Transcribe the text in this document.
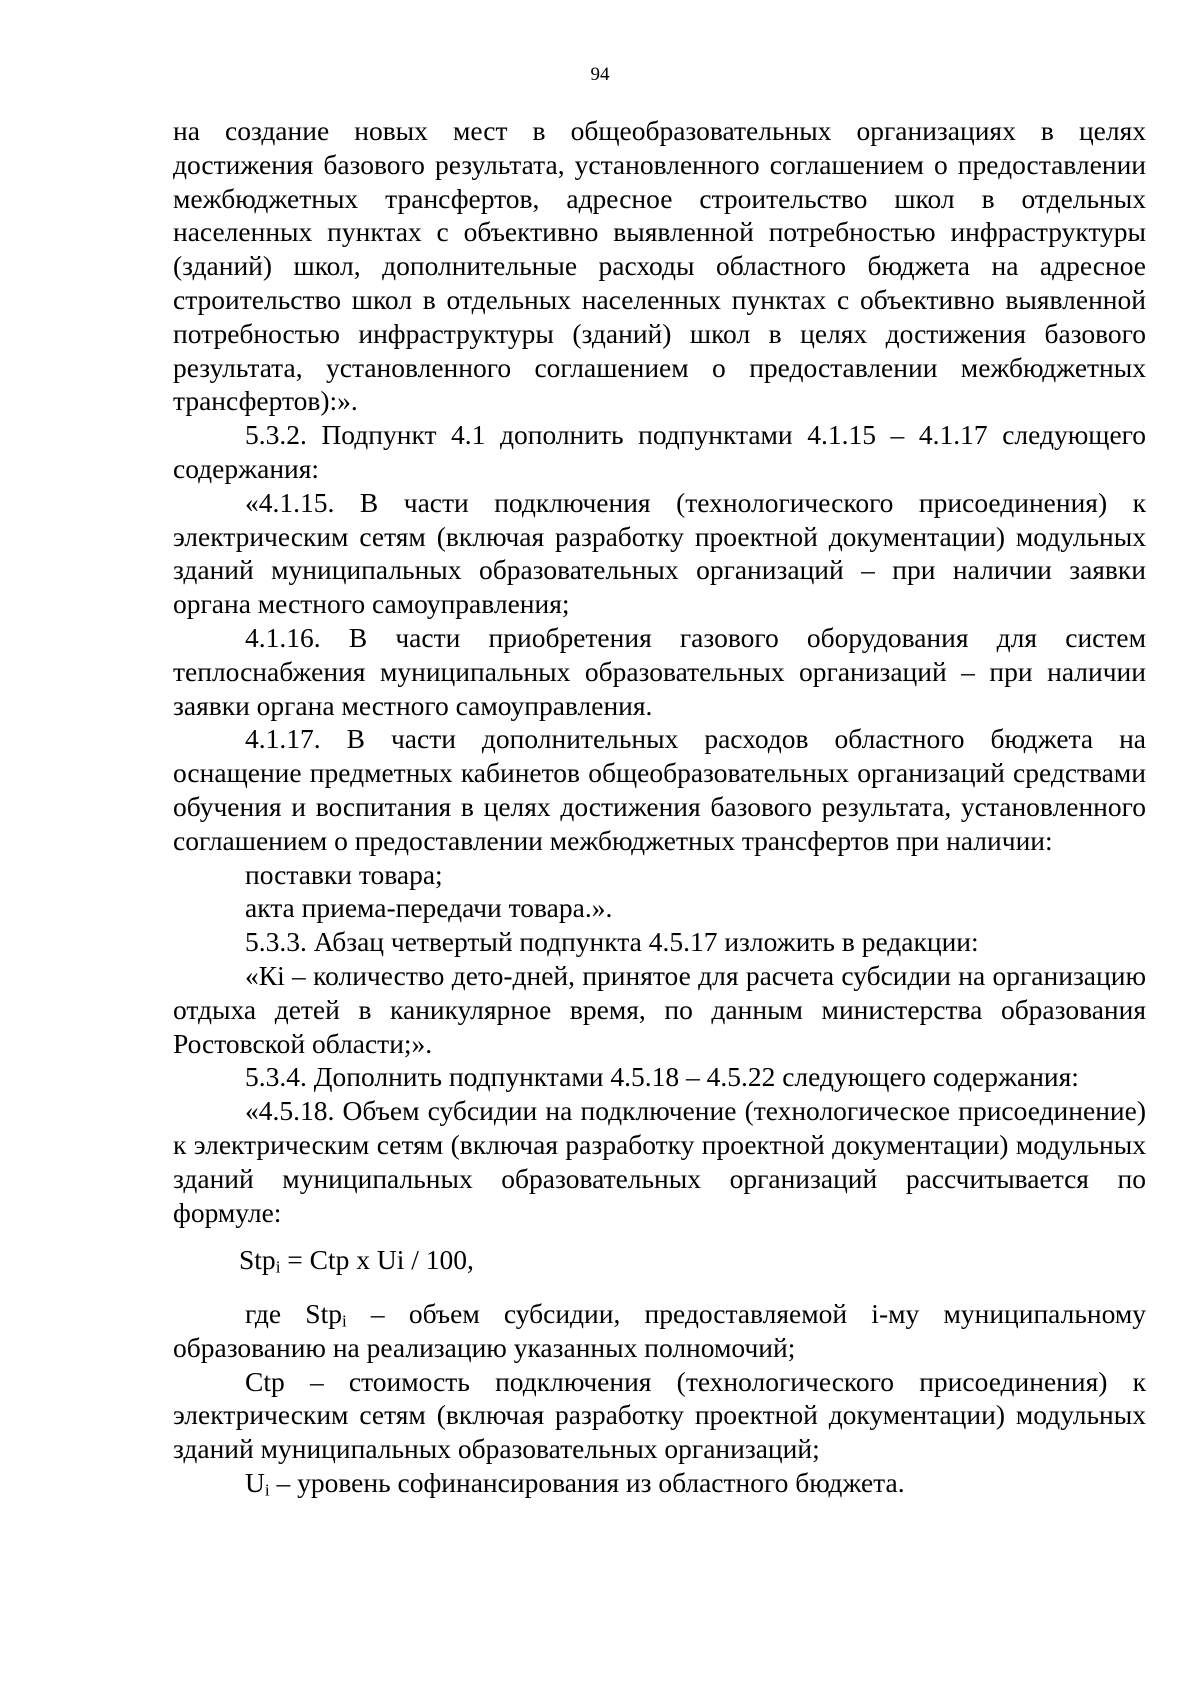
94

на создание новых мест в общеобразовательных организациях в целях достижения базового результата, установленного соглашением о предоставлении межбюджетных трансфертов, адресное строительство школ в отдельных населенных пунктах с объективно выявленной потребностью инфраструктуры (зданий) школ, дополнительные расходы областного бюджета на адресное строительство школ в отдельных населенных пунктах с объективно выявленной потребностью инфраструктуры (зданий) школ в целях достижения базового результата, установленного соглашением о предоставлении межбюджетных трансфертов):».

5.3.2. Подпункт 4.1 дополнить подпунктами 4.1.15 – 4.1.17 следующего содержания:

«4.1.15. В части подключения (технологического присоединения) к электрическим сетям (включая разработку проектной документации) модульных зданий муниципальных образовательных организаций – при наличии заявки органа местного самоуправления;

4.1.16. В части приобретения газового оборудования для систем теплоснабжения муниципальных образовательных организаций – при наличии заявки органа местного самоуправления.

4.1.17. В части дополнительных расходов областного бюджета на оснащение предметных кабинетов общеобразовательных организаций средствами обучения и воспитания в целях достижения базового результата, установленного соглашением о предоставлении межбюджетных трансфертов при наличии:

поставки товара;

акта приема-передачи товара.».

5.3.3. Абзац четвертый подпункта 4.5.17 изложить в редакции:

«Кi – количество дето-дней, принятое для расчета субсидии на организацию отдыха детей в каникулярное время, по данным министерства образования Ростовской области;».

5.3.4. Дополнить подпунктами 4.5.18 – 4.5.22 следующего содержания:

«4.5.18. Объем субсидии на подключение (технологическое присоединение) к электрическим сетям (включая разработку проектной документации) модульных зданий муниципальных образовательных организаций рассчитывается по формуле:

Stp$_i$ = Ctp х Ui / 100,

где Stp$_i$ – объем субсидии, предоставляемой i-му муниципальному образованию на реализацию указанных полномочий;

Ctp – стоимость подключения (технологического присоединения) к электрическим сетям (включая разработку проектной документации) модульных зданий муниципальных образовательных организаций;

$U_i$ – уровень софинансирования из областного бюджета.
